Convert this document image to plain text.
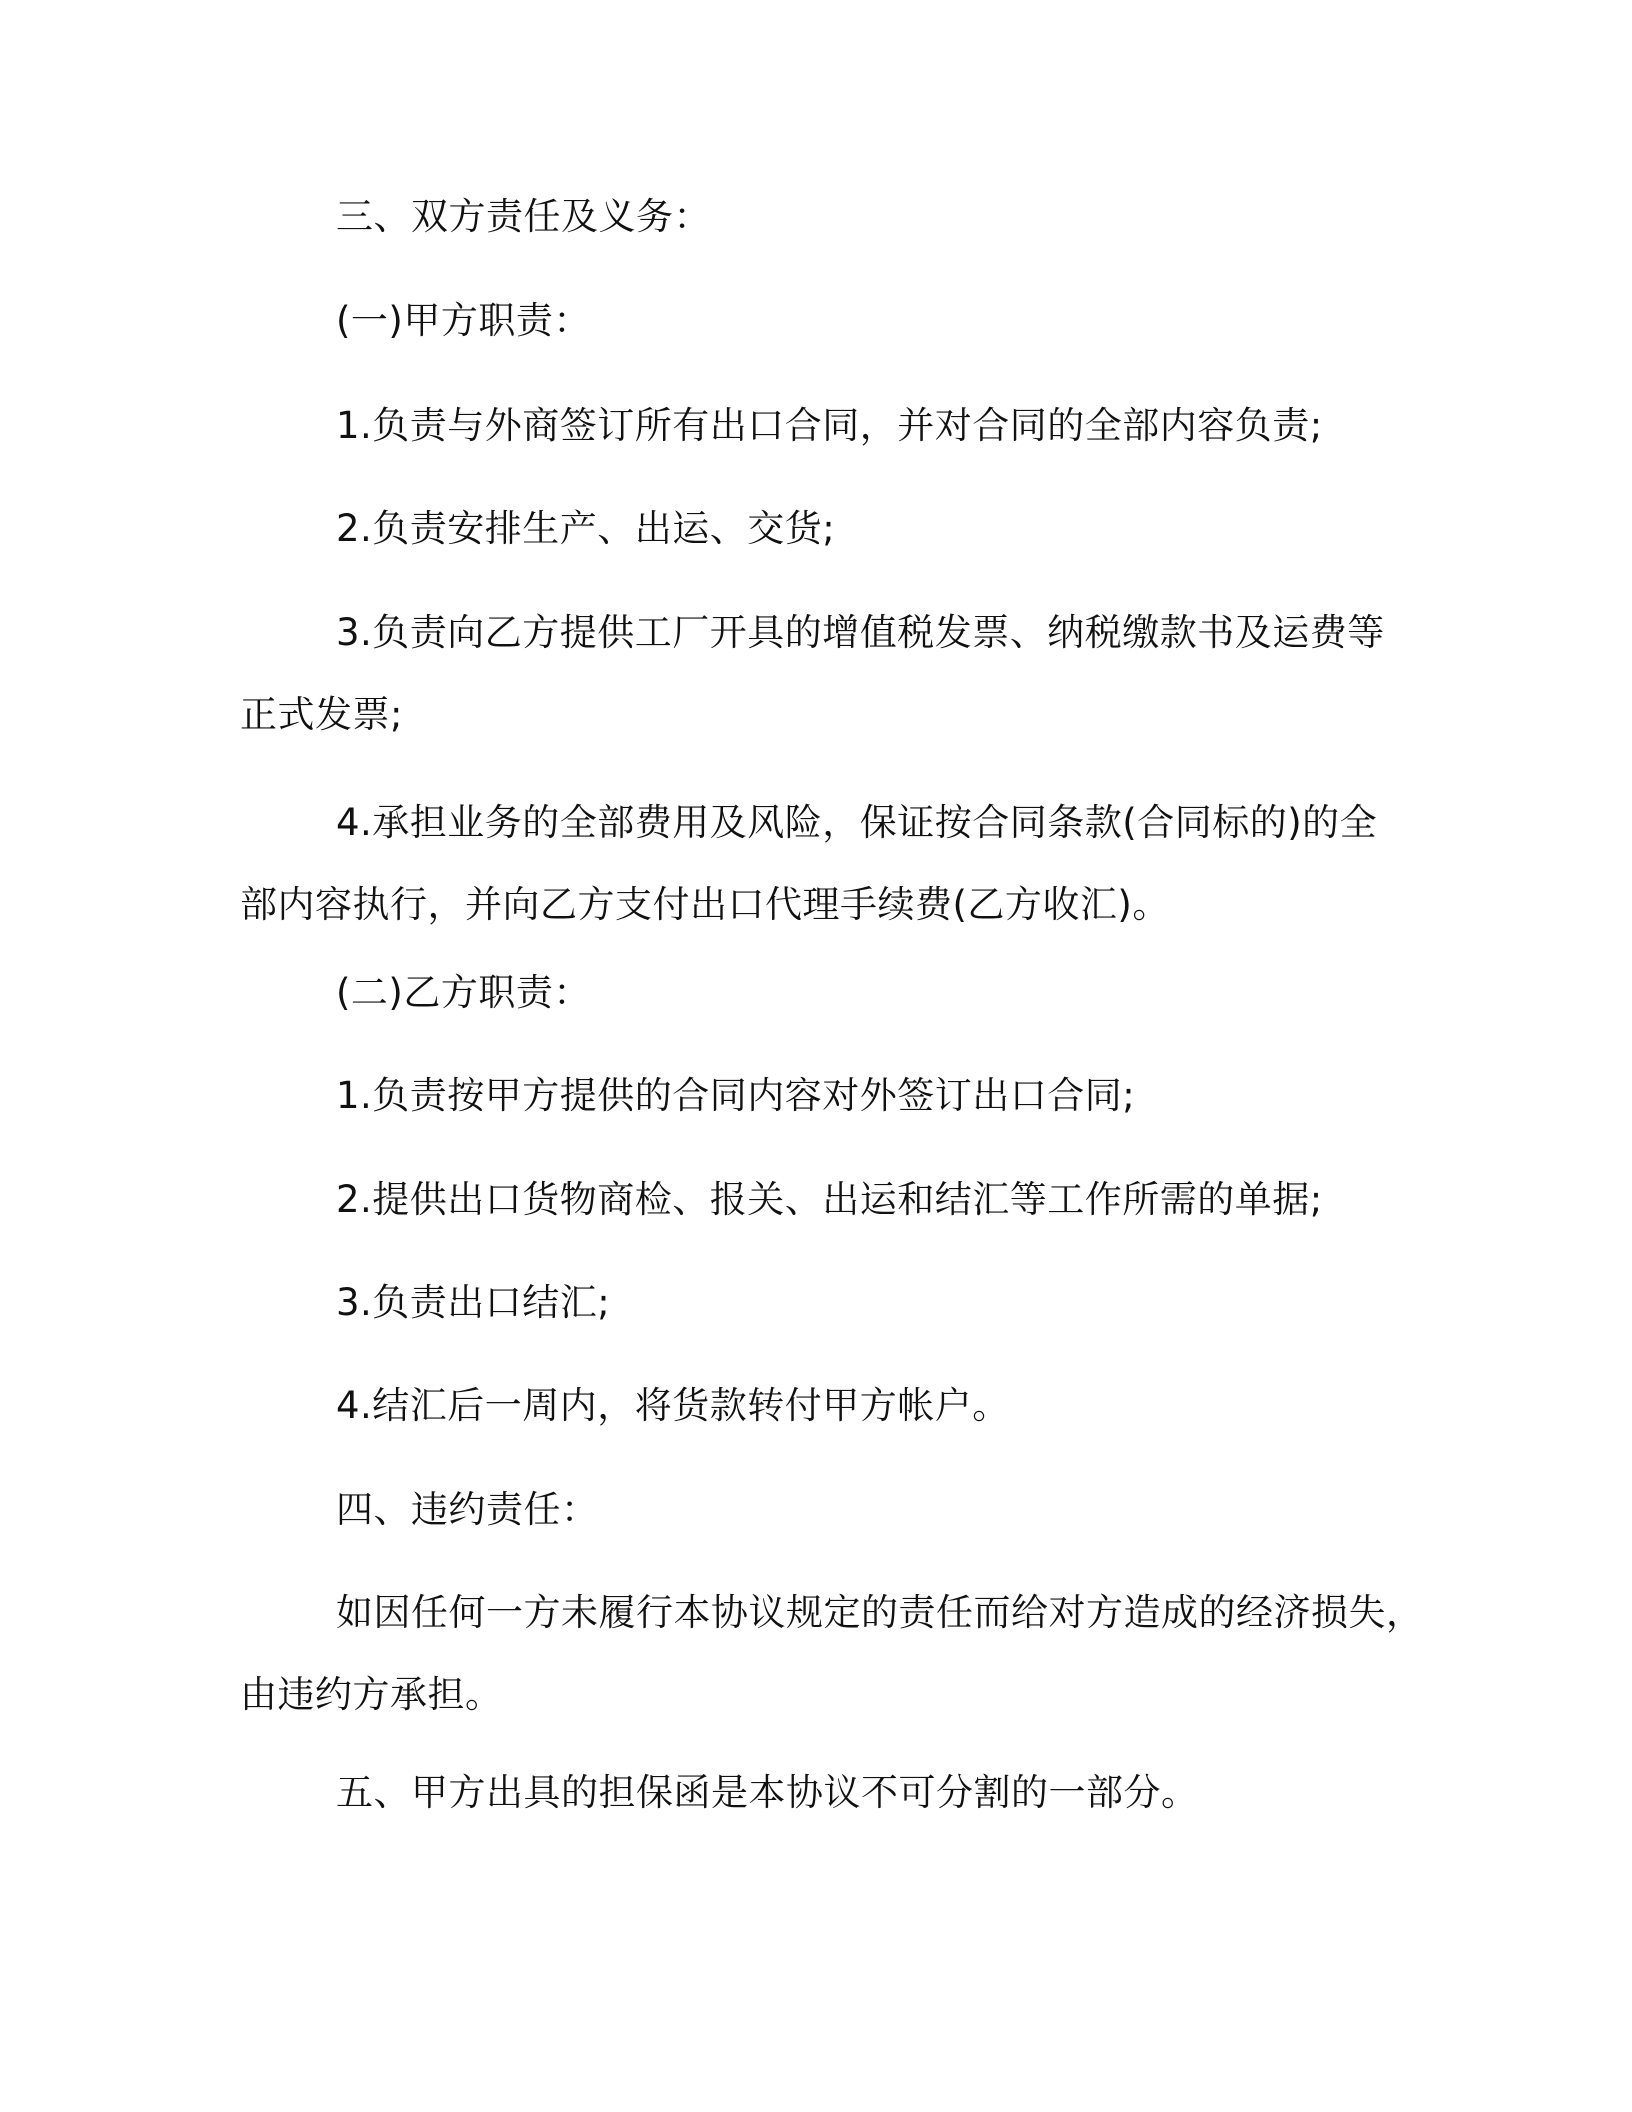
三、双方责任及义务：

(一)甲方职责：

1.负责与外商签订所有出口合同，并对合同的全部内容负责;

2.负责安排生产、出运、交货;

3.负责向乙方提供工厂开具的增值税发票、纳税缴款书及运费等
正式发票;

4.承担业务的全部费用及风险，保证按合同条款(合同标的)的全
部内容执行，并向乙方支付出口代理手续费(乙方收汇)。

(二)乙方职责：

1.负责按甲方提供的合同内容对外签订出口合同;

2.提供出口货物商检、报关、出运和结汇等工作所需的单据;

3.负责出口结汇;

4.结汇后一周内，将货款转付甲方帐户。

四、违约责任：

如因任何一方未履行本协议规定的责任而给对方造成的经济损失，
由违约方承担。

五、甲方出具的担保函是本协议不可分割的一部分。
